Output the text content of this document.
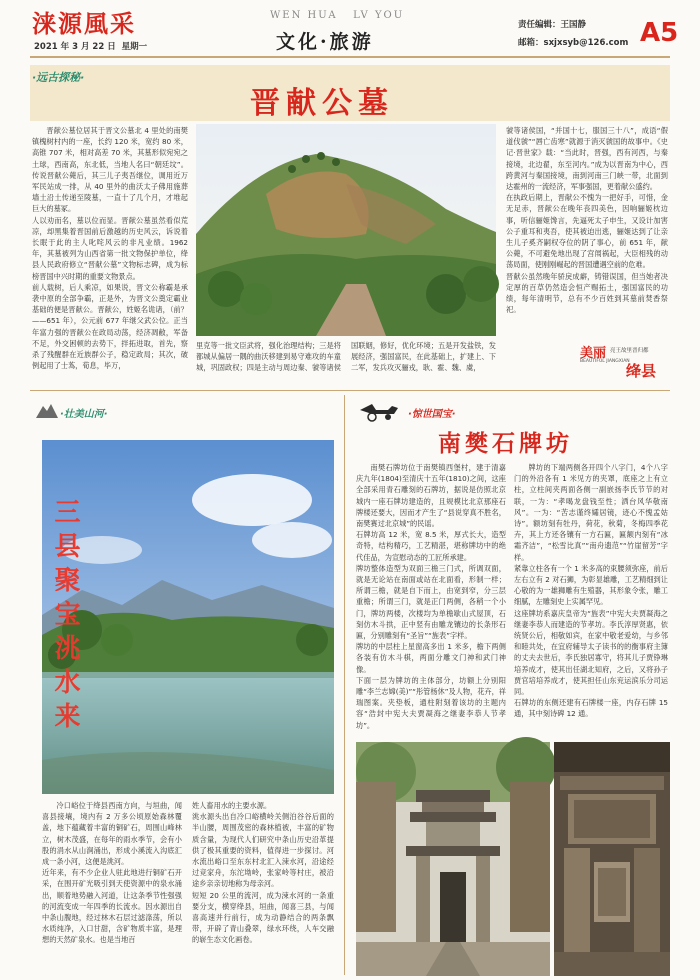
涞源風采
2021 年 3 月 22 日 星期一
WEN HUA   LV YOU
文化·旅游
责任编辑：王国静
邮箱：sxjxsyb@126.com A5
·远古探秘·
晋献公墓

晋献公墓位居其于晋文公墓北 4 里处的南樊镇槐树村内的一座，长约 120 米，宽约 80 米，高锥 707 米，相对高差 70 米，其墓形似宛宛之土球，西南高，东北低，当地人名曰“朝廷坟”。传说晋献公薨后，其三儿子夷吾继位，调用近万军民站成一排，从 40 里外的曲沃太子佛用施葬墙土沿土传递至陵墓，一直十了几个月，才堆起巨大的墓冢。
人以劝而名，墓以位而显。晋献公墓虽然看似荒凉，却黑集着晋国前后激越的历史风云，诉说着长眠于此的主人叱咤风云的非凡业绩。1962 年，其墓被列为山西省第一批文物保护单位，绛县人民政府修立“晋献公墓”文物标志碑，成为标榜晋国中兴时期的重要文物景点。
前人载树，后人乘凉，如果说，晋文公称霸是承袭中原的全部争霸，正是外，为晋文公奠定霸业基础的便是晋献公。晋献公，姓姬名诡诸，（前？——651 年），公元前 677 年继父武公位。正当年富力强的晋献公在政局动荡，经济凋敝，军备不足，外交困顿的去势下，拌拓进取，首先，察杀了残醒群在近族群公子，稳定政局；其次，破例起用了士蒍，荀息，毕万，

里克等一批文臣武将，强化治理结构；三是将都城从偏居一隅的曲沃移建到易守难攻的车童城，巩固政权；四是主动与周边秦、虢等诸侯国联姻，修好，优化环境；五是开发盐铁，发展经济，强国富民，在此基础上，扩建上、下二军，发兵攻灭骊戎，耿、霍、魏、虞，

虢等诸侯国，“并国十七，服国三十八”，成语“假道伐虢”“唇亡齿寒”就源于消灭虢国的故事中。《史记·晋世家》载：“当此时，晋强，西有河西，与秦接境，北边翟，东至河内。”成为以晋南为中心，西跨黄河与秦国接境，南到河南三门峡一带，北面到达霍州的一流经济，军事强国，更着献公盛约。
在执政后期上，晋献公不愧为一把好手，可惜，金无足赤，晋献公在晚年丧四美色，因响骊姬枕边事，听信骊姬馋言，先逼死太子申生，又设计加害公子重耳和夷吾，使其被迫出逃，骊姬达到了让亲生儿子奚齐嗣权夺位的阴了事心，前 651 年，献公薨，不可避免地出现了宫闱祸起，大臣相残的动荡局面，使刚刚崛起的晋国遭遇空前的危难。
晋献公虽然晚年骄戾成癖，铸错误国，但当她者决定厚的百草仍然造会恒产赐拓土，强国富民的功绩，每年清明节，总有不少百姓到其墓前焚香祭祀。

美丽 亮王故里晋归都
BEAUTIFUL JIANGXIAN
绛县
·壮美山河·
三县聚宝洮水来

冷口峪位于绛县西南方向，与垣曲，闻喜县接壤，境内有 2 万多公顷原始森林覆盖，地下蕴藏着丰富的铜矿石，周围山峰林立，树木茂盛，在每年的雨水季节，会有小股的涓水从山涧涌出，形成小溪流入沟底汇成一条小河，这便是洮河。
近年来，有不少企业人驻此地进行铜矿石开采，在围开矿光吸引到天使资源中的泉水涌出，顺着地势融入河道，让这条季节性强强的河流变成一年四季的长流水。因水源出自中条山腹地，经过林木石层过滤涤荡，所以水质纯净，入口甘甜，含矿物质丰富，是理想的天然矿泉水。也是当地百

姓人畜用水的主要水源。
洮水源头出自冷口峪横岭关侧泊谷谷后面的半山腰，周围茂密的森林植被，丰富的矿物质含量，为现代人们研究中条山历史沿革提供了极其重要的资料，值得进一步探讨。河水流出峪口至东东村北汇入涑水河，沿途经过竞家舟，东沱坳岭，张家岭等村庄，被沿途乡亲亲切地称为母亲河。
短短 20 公里的流河，成为涑水河的一条重要分支，横穿绛县，垣曲，闻喜三县，与闻喜高速并行前行，成为动静结合的两条飘带，开辟了青山叠翠，绿水环绕，人车交融的崭生态文化画卷。

·惊世国宝·
南樊石牌坊

南樊石牌坊位于南樊镇西堡村，建于清嘉庆九年(1804)至清庆十五年(1810)之间，这座全部采用青石雕刻的石牌坊，据说是仿照北京城内一座石牌坊建造的，且规模比北京那座石牌楼还要大，因而才产生了“县说穿真不胜名，南樊赛过北京城”的民谣。
石牌坊高 12 米，宽 8.5 米，厚式长大，造型奇特，结构精巧，工艺精湛，堪称牌坊中的绝代佳品，为宣慰动态的工匠所承建。
牌坊整体造型为双面三檐三门式，所调双面，就是无论站在南面或站在北面看，形制一样；所谓三檐，就是自下而上，由宽到窄，分三层重檐；所谓三门，就是正门两侧，各稍一个小门，牌坊两楼，次楼均为单檐歇山式屋顶，石刻仿木斗拱，正中竖有由雕龙镶边的长条形石匾，分别雕刻有“圣旨”“旌表”字样。
牌坊的中层柱上星窗高多出 1 米多，檐下两侧各装有仿木斗棋，两面分雕文门神和武门神像。
下面一层为牌坊的主体部分，坊额上分别阳雕“李兰志嫦(美)”“彤管杨休”及人物，花卉，祥瑞图案。夹垫板，通柱附刻着该坊的主题内容“浩封中宪大夫贾凝海之继妻李恭人节孝坊”。

牌坊的下端两侧各开四个八字门，4个八字门的外沿各有 1 米见方的夹罩，底座之上有立柱，立柱间夹两面各侧一副嵌扬李氏节节的对联，一为：“孝喝龙盘钱至性；洒台风华敬南风”。一为：“苦志谨终孀居镜，迹心不愧孟姑诗”。额坊刻有牡丹，荷花，秋菊，冬梅四季花卉，其上方还各镶有一方石匾，匾额内刻有“冰霜齐洁”，“松雪比真”“南舟遗范”“竹崖留芳”字样。
紧靠立柱各有一个 1 米多高的束腰须弥座，前后左右立有 2 对石狮，为彰显雄雕，工艺精细到让心敬的为一雄狮雕有生殖器，其形象令张，雕工细腻，左雕刻史上实属罕见。
这座牌坊系嘉庆皇帝为“旌表”中宪大夫贾凝海之继妻李恭人而建造的节孝坊。李氏淳厚贤惠，依统贤公后，相敬如宾，在家中敬老爱幼，与乡邻和睦共处，在宜府辅导太子读书的的衡事府主簿的丈夫去世后，李氏独居寡守，将其儿子贾铮琳培养成才，使其出任湖北知府，之后，又将孙子贾官培培养成才，使其担任山东兖运滨乐分司运同。
石牌坊的东侧还建有石牌楼一座，内存石牌 15 通，其中刻诗碑 12 通。
